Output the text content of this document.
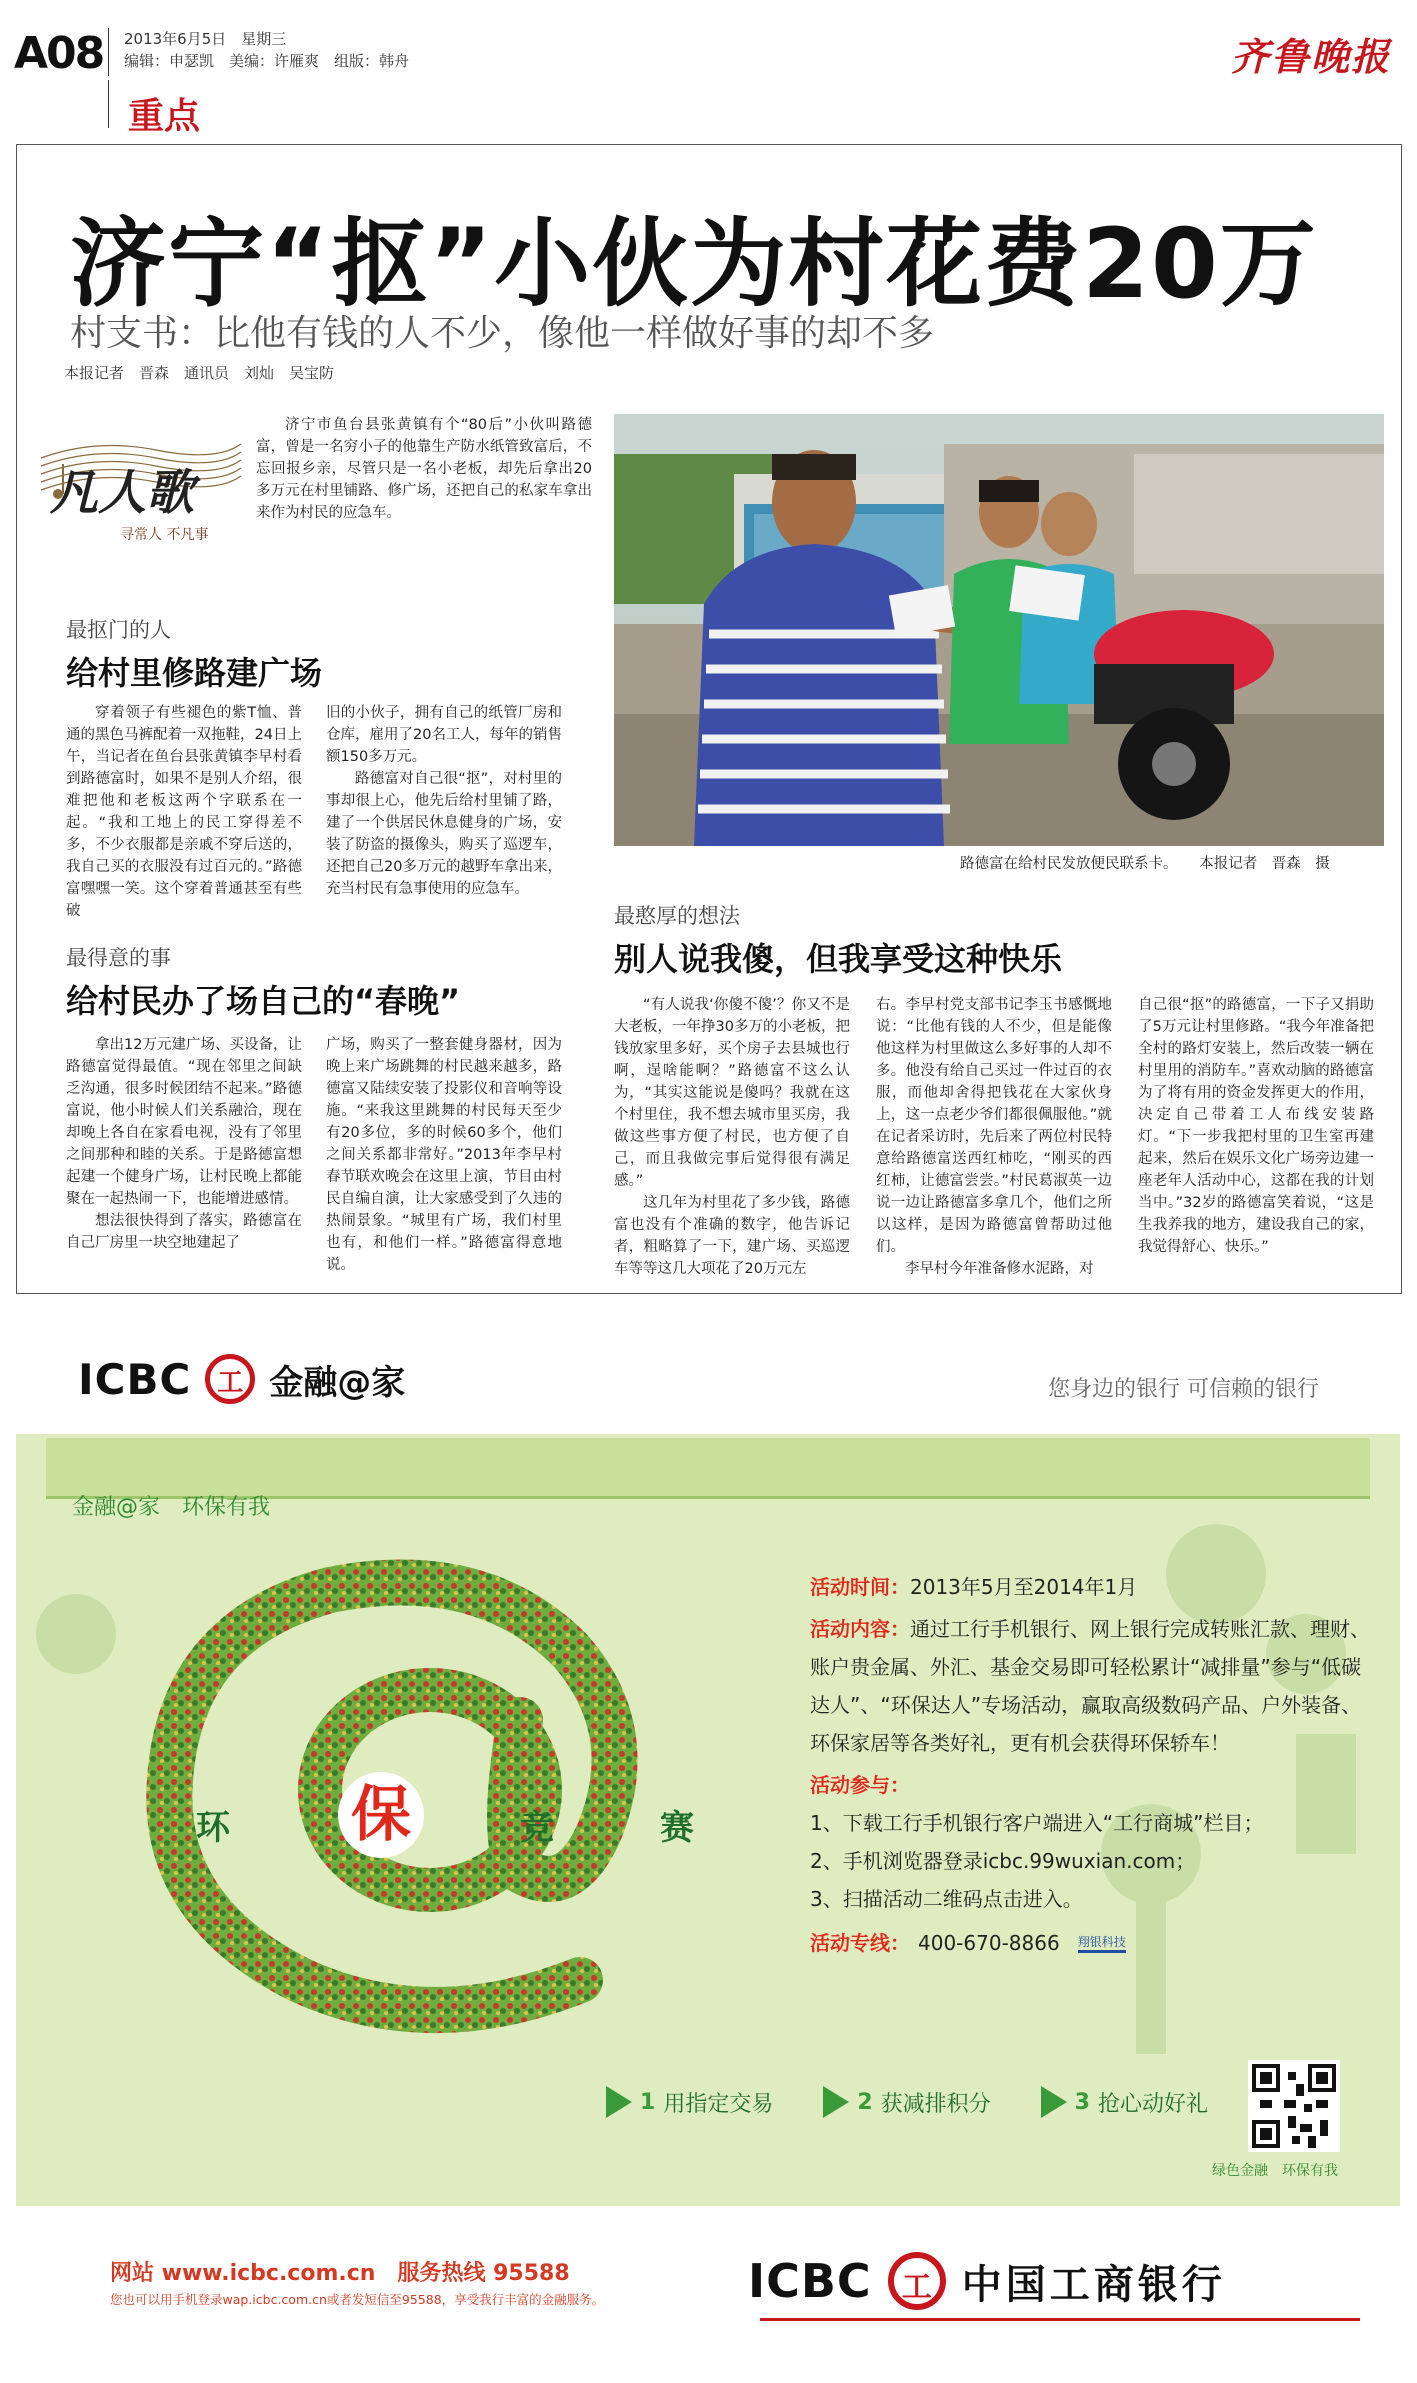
A08 2013年6月5日　星期三
编辑：申瑟凯　美编：许雁爽　组版：韩舟	齐鲁晚报
重点
济宁“抠”小伙为村花费20万
村支书：比他有钱的人不少，像他一样做好事的却不多
本报记者　晋森　通讯员　刘灿　吴宝防
凡人歌
寻常人 不凡事

济宁市鱼台县张黄镇有个“80后”小伙叫路德富，曾是一名穷小子的他靠生产防水纸管致富后，不忘回报乡亲，尽管只是一名小老板，却先后拿出20多万元在村里铺路、修广场，还把自己的私家车拿出来作为村民的应急车。

路德富在给村民发放便民联系卡。　　本报记者　晋森　摄
最抠门的人
给村里修路建广场

穿着领子有些褪色的紫T恤、普通的黑色马裤配着一双拖鞋，24日上午，当记者在鱼台县张黄镇李早村看到路德富时，如果不是别人介绍，很难把他和老板这两个字联系在一起。“我和工地上的民工穿得差不多，不少衣服都是亲戚不穿后送的，我自己买的衣服没有过百元的。”路德富嘿嘿一笑。这个穿着普通甚至有些破

旧的小伙子，拥有自己的纸管厂房和仓库，雇用了20名工人，每年的销售额150多万元。

路德富对自己很“抠”，对村里的事却很上心，他先后给村里铺了路，建了一个供居民休息健身的广场，安装了防盗的摄像头，购买了巡逻车，还把自己20多万元的越野车拿出来，充当村民有急事使用的应急车。

最得意的事
给村民办了场自己的“春晚”

拿出12万元建广场、买设备，让路德富觉得最值。“现在邻里之间缺乏沟通，很多时候团结不起来。”路德富说，他小时候人们关系融洽，现在却晚上各自在家看电视，没有了邻里之间那种和睦的关系。于是路德富想起建一个健身广场，让村民晚上都能聚在一起热闹一下，也能增进感情。

想法很快得到了落实，路德富在自己厂房里一块空地建起了

广场，购买了一整套健身器材，因为晚上来广场跳舞的村民越来越多，路德富又陆续安装了投影仪和音响等设施。“来我这里跳舞的村民每天至少有20多位，多的时候60多个，他们之间关系都非常好。”2013年李早村春节联欢晚会在这里上演，节目由村民自编自演，让大家感受到了久违的热闹景象。“城里有广场，我们村里也有，和他们一样。”路德富得意地说。

最憨厚的想法
别人说我傻，但我享受这种快乐

“有人说我‘你傻不傻’？你又不是大老板，一年挣30多万的小老板，把钱放家里多好，买个房子去县城也行啊，逞啥能啊？”路德富不这么认为，“其实这能说是傻吗？我就在这个村里住，我不想去城市里买房，我做这些事方便了村民，也方便了自己，而且我做完事后觉得很有满足感。”

这几年为村里花了多少钱，路德富也没有个准确的数字，他告诉记者，粗略算了一下，建广场、买巡逻车等等这几大项花了20万元左

右。李早村党支部书记李玉书感慨地说：“比他有钱的人不少，但是能像他这样为村里做这么多好事的人却不多。他没有给自己买过一件过百的衣服，而他却舍得把钱花在大家伙身上，这一点老少爷们都很佩服他。”就在记者采访时，先后来了两位村民特意给路德富送西红柿吃，“刚买的西红柿，让德富尝尝。”村民葛淑英一边说一边让路德富多拿几个，他们之所以这样，是因为路德富曾帮助过他们。

李早村今年准备修水泥路，对

自己很“抠”的路德富，一下子又捐助了5万元让村里修路。“我今年准备把全村的路灯安装上，然后改装一辆在村里用的消防车。”喜欢动脑的路德富为了将有用的资金发挥更大的作用，决定自己带着工人布线安装路灯。“下一步我把村里的卫生室再建起来，然后在娱乐文化广场旁边建一座老年人活动中心，这都在我的计划当中。”32岁的路德富笑着说，“这是生我养我的地方，建设我自己的家，我觉得舒心、快乐。”

ICBC 工 金融@家	您身边的银行 可信赖的银行
金融@家　环保有我
环 保	竞	赛
活动时间：2013年5月至2014年1月
活动内容：通过工行手机银行、网上银行完成转账汇款、理财、账户贵金属、外汇、基金交易即可轻松累计“减排量”参与“低碳达人”、“环保达人”专场活动，赢取高级数码产品、户外装备、环保家居等各类好礼，更有机会获得环保轿车！
活动参与：
1、下载工行手机银行客户端进入“工行商城”栏目；
2、手机浏览器登录icbc.99wuxian.com；
3、扫描活动二维码点击进入。
活动专线： 400-670-8866 翔银科技
1 用指定交易	2 获减排积分	3 抢心动好礼
绿色金融　环保有我
网站 www.icbc.com.cn　服务热线 95588
您也可以用手机登录wap.icbc.com.cn或者发短信至95588，享受我行丰富的金融服务。	ICBC 工 中国工商银行
